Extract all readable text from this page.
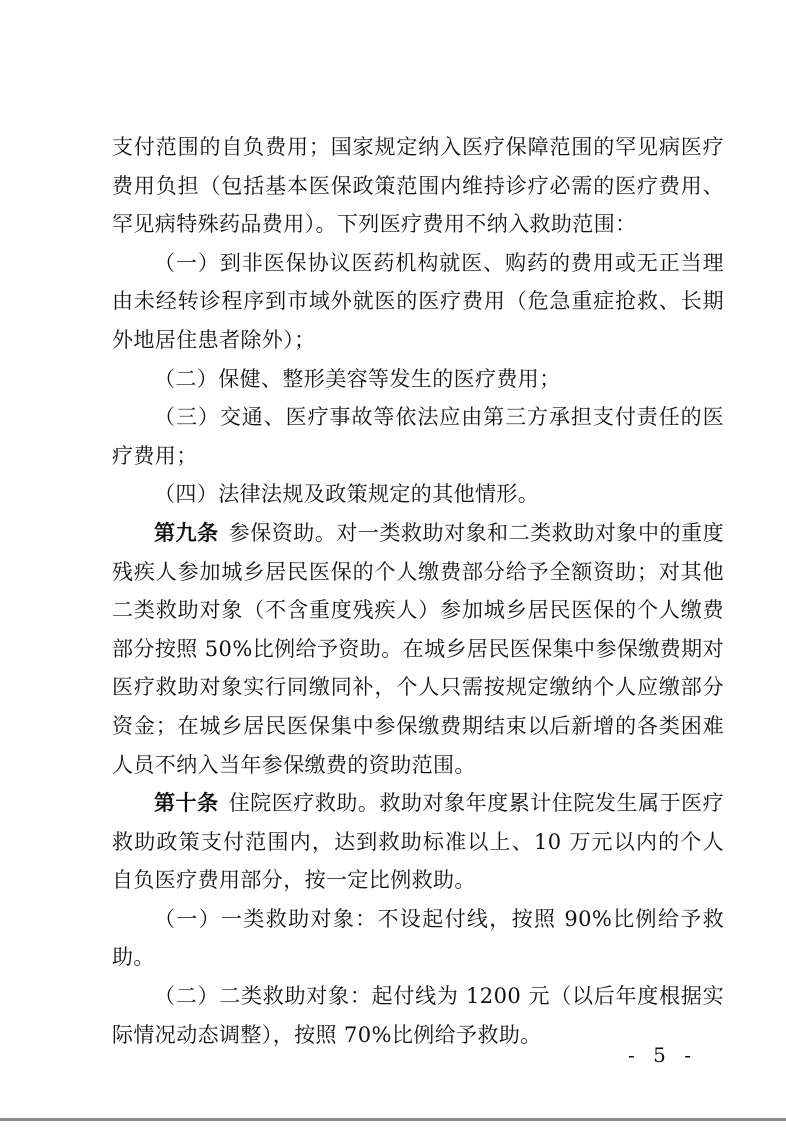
支付范围的自负费用；国家规定纳入医疗保障范围的罕见病医疗费用负担（包括基本医保政策范围内维持诊疗必需的医疗费用、罕见病特殊药品费用）。下列医疗费用不纳入救助范围：

（一）到非医保协议医药机构就医、购药的费用或无正当理由未经转诊程序到市域外就医的医疗费用（危急重症抢救、长期外地居住患者除外）；

（二）保健、整形美容等发生的医疗费用；

（三）交通、医疗事故等依法应由第三方承担支付责任的医疗费用；

（四）法律法规及政策规定的其他情形。

第九条 参保资助。对一类救助对象和二类救助对象中的重度残疾人参加城乡居民医保的个人缴费部分给予全额资助；对其他二类救助对象（不含重度残疾人）参加城乡居民医保的个人缴费部分按照 50%比例给予资助。在城乡居民医保集中参保缴费期对医疗救助对象实行同缴同补，个人只需按规定缴纳个人应缴部分资金；在城乡居民医保集中参保缴费期结束以后新增的各类困难人员不纳入当年参保缴费的资助范围。

第十条 住院医疗救助。救助对象年度累计住院发生属于医疗救助政策支付范围内，达到救助标准以上、10 万元以内的个人自负医疗费用部分，按一定比例救助。

（一）一类救助对象：不设起付线，按照 90%比例给予救助。

（二）二类救助对象：起付线为 1200 元（以后年度根据实际情况动态调整），按照 70%比例给予救助。

- 5 -
